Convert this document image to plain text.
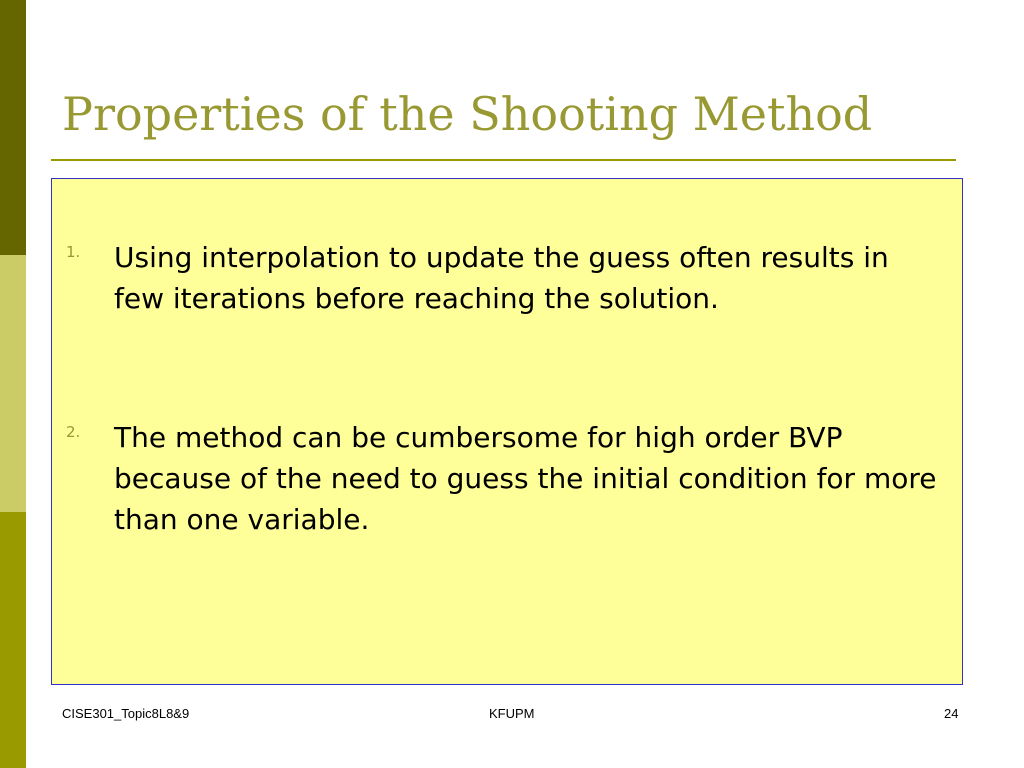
Properties of the Shooting Method
1.	Using interpolation to update the guess often results in few iterations before reaching the solution.
2.	The method can be cumbersome for high order BVP because of the need to guess the initial condition for more than one variable.
CISE301_Topic8L8&9	KFUPM	24
